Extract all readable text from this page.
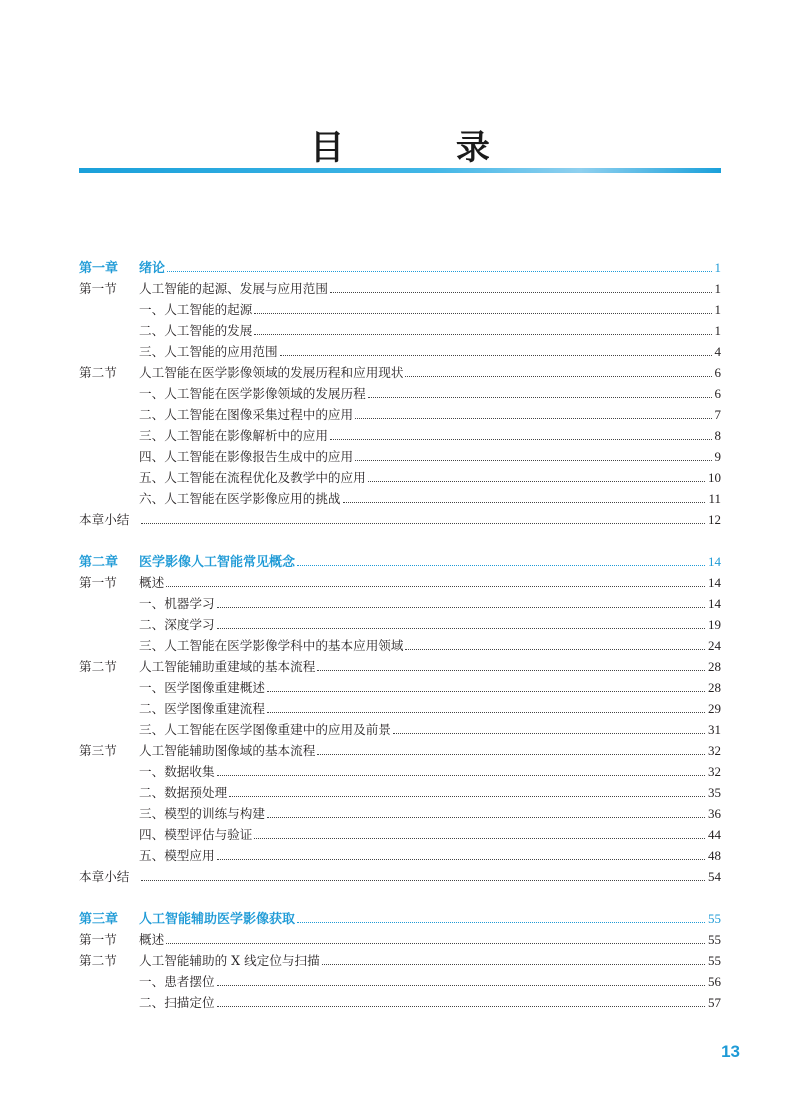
目 录
第一章	绪论	1
第一节	人工智能的起源、发展与应用范围	1
一、人工智能的起源	1
二、人工智能的发展	1
三、人工智能的应用范围	4
第二节	人工智能在医学影像领域的发展历程和应用现状	6
一、人工智能在医学影像领域的发展历程	6
二、人工智能在图像采集过程中的应用	7
三、人工智能在影像解析中的应用	8
四、人工智能在影像报告生成中的应用	9
五、人工智能在流程优化及教学中的应用	10
六、人工智能在医学影像应用的挑战	11
本章小结	12
第二章	医学影像人工智能常见概念	14
第一节	概述	14
一、机器学习	14
二、深度学习	19
三、人工智能在医学影像学科中的基本应用领域	24
第二节	人工智能辅助重建域的基本流程	28
一、医学图像重建概述	28
二、医学图像重建流程	29
三、人工智能在医学图像重建中的应用及前景	31
第三节	人工智能辅助图像域的基本流程	32
一、数据收集	32
二、数据预处理	35
三、模型的训练与构建	36
四、模型评估与验证	44
五、模型应用	48
本章小结	54
第三章	人工智能辅助医学影像获取	55
第一节	概述	55
第二节	人工智能辅助的 X 线定位与扫描	55
一、患者摆位	56
二、扫描定位	57
13
